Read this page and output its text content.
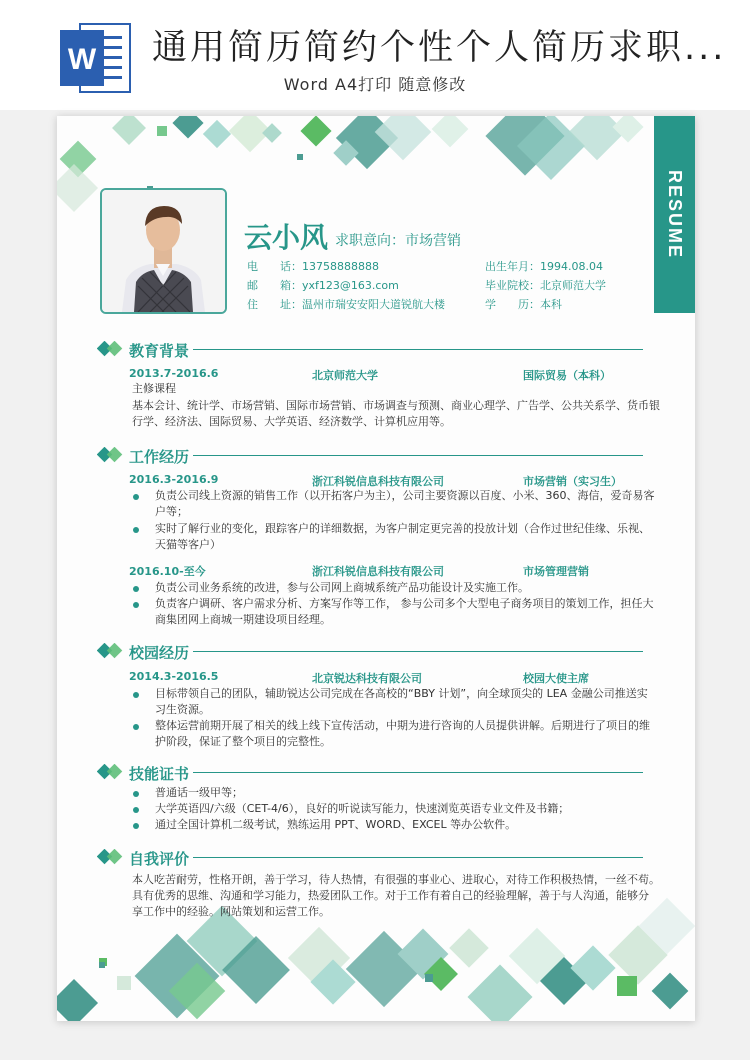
W 通用简历简约个性个人简历求职...
Word A4打印 随意修改
RESUME
云小风 求职意向：市场营销
电　　话：13758888888
邮　　箱：yxf123@163.com
住　　址：温州市瑞安安阳大道锐航大楼
出生年月：1994.08.04
毕业院校：北京师范大学
学　　历：本科
教育背景
2013.7-2016.6	北京师范大学	国际贸易（本科）
主修课程
基本会计、统计学、市场营销、国际市场营销、市场调查与预测、商业心理学、广告学、公共关系学、货币银
行学、经济法、国际贸易、大学英语、经济数学、计算机应用等。
工作经历
2016.3-2016.9	浙江科锐信息科技有限公司	市场营销（实习生）
负责公司线上资源的销售工作（以开拓客户为主），公司主要资源以百度、小米、360、海信，爱奇易客
户等；
实时了解行业的变化，跟踪客户的详细数据，为客户制定更完善的投放计划（合作过世纪佳缘、乐视、
天猫等客户）
2016.10-至今	浙江科锐信息科技有限公司	市场管理营销
负责公司业务系统的改进，参与公司网上商城系统产品功能设计及实施工作。
负责客户调研、客户需求分析、方案写作等工作， 参与公司多个大型电子商务项目的策划工作，担任大
商集团网上商城一期建设项目经理。
校园经历
2014.3-2016.5	北京锐达科技有限公司	校园大使主席
目标带领自己的团队，辅助锐达公司完成在各高校的“BBY 计划”，向全球顶尖的 LEA 金融公司推送实
习生资源。
整体运营前期开展了相关的线上线下宣传活动，中期为进行咨询的人员提供讲解。后期进行了项目的维
护阶段，保证了整个项目的完整性。
技能证书
普通话一级甲等；
大学英语四/六级（CET-4/6），良好的听说读写能力，快速浏览英语专业文件及书籍；
通过全国计算机二级考试，熟练运用 PPT、WORD、EXCEL 等办公软件。
自我评价
本人吃苦耐劳，性格开朗，善于学习，待人热情，有很强的事业心、进取心，对待工作积极热情，一丝不苟。
具有优秀的思维、沟通和学习能力，热爱团队工作。对于工作有着自己的经验理解，善于与人沟通，能够分
享工作中的经验。网站策划和运营工作。
